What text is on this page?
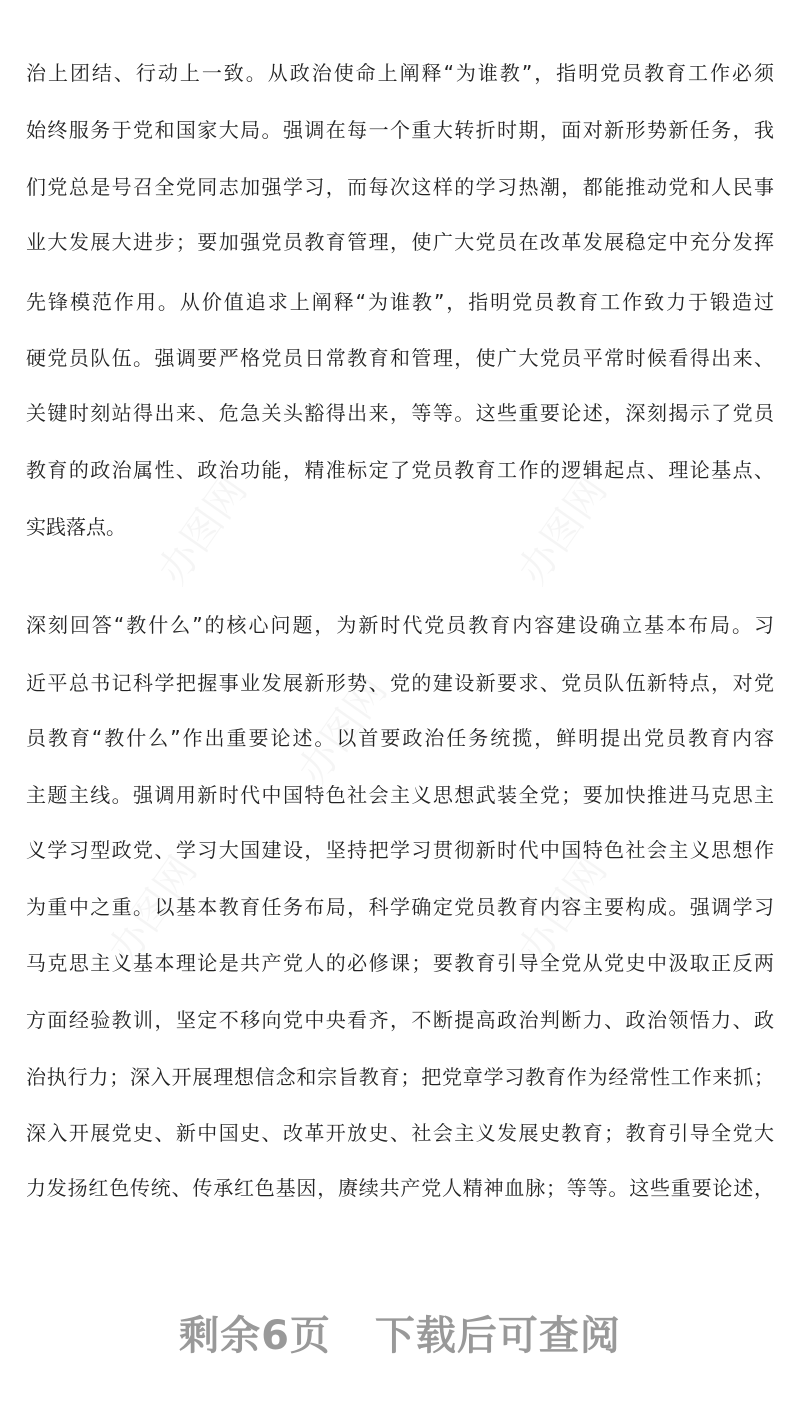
治上团结、行动上一致。从政治使命上阐释“为谁教”，指明党员教育工作必须
始终服务于党和国家大局。强调在每一个重大转折时期，面对新形势新任务，我
们党总是号召全党同志加强学习，而每次这样的学习热潮，都能推动党和人民事
业大发展大进步；要加强党员教育管理，使广大党员在改革发展稳定中充分发挥
先锋模范作用。从价值追求上阐释“为谁教”，指明党员教育工作致力于锻造过
硬党员队伍。强调要严格党员日常教育和管理，使广大党员平常时候看得出来、
关键时刻站得出来、危急关头豁得出来，等等。这些重要论述，深刻揭示了党员
教育的政治属性、政治功能，精准标定了党员教育工作的逻辑起点、理论基点、
实践落点。
深刻回答“教什么”的核心问题，为新时代党员教育内容建设确立基本布局。习
近平总书记科学把握事业发展新形势、党的建设新要求、党员队伍新特点，对党
员教育“教什么”作出重要论述。以首要政治任务统揽，鲜明提出党员教育内容
主题主线。强调用新时代中国特色社会主义思想武装全党；要加快推进马克思主
义学习型政党、学习大国建设，坚持把学习贯彻新时代中国特色社会主义思想作
为重中之重。以基本教育任务布局，科学确定党员教育内容主要构成。强调学习
马克思主义基本理论是共产党人的必修课；要教育引导全党从党史中汲取正反两
方面经验教训，坚定不移向党中央看齐，不断提高政治判断力、政治领悟力、政
治执行力；深入开展理想信念和宗旨教育；把党章学习教育作为经常性工作来抓；
深入开展党史、新中国史、改革开放史、社会主义发展史教育；教育引导全党大
力发扬红色传统、传承红色基因，赓续共产党人精神血脉；等等。这些重要论述，
剩余6页 下载后可查阅
